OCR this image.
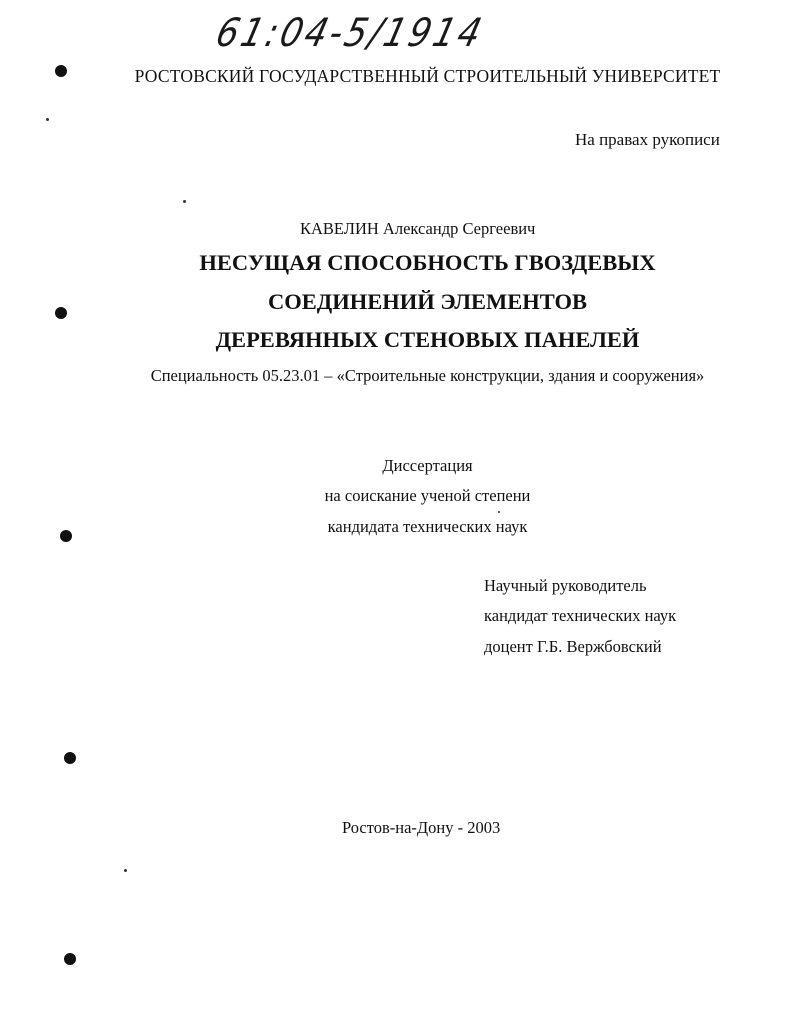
61:04-5/1914
РОСТОВСКИЙ ГОСУДАРСТВЕННЫЙ СТРОИТЕЛЬНЫЙ УНИВЕРСИТЕТ
На правах рукописи
КАВЕЛИН Александр Сергеевич
НЕСУЩАЯ СПОСОБНОСТЬ ГВОЗДЕВЫХ
СОЕДИНЕНИЙ ЭЛЕМЕНТОВ
ДЕРЕВЯННЫХ СТЕНОВЫХ ПАНЕЛЕЙ
Специальность 05.23.01 – «Строительные конструкции, здания и сооружения»
Диссертация
на соискание ученой степени
кандидата технических наук
Научный руководитель
кандидат технических наук
доцент Г.Б. Вержбовский
Ростов-на-Дону - 2003
